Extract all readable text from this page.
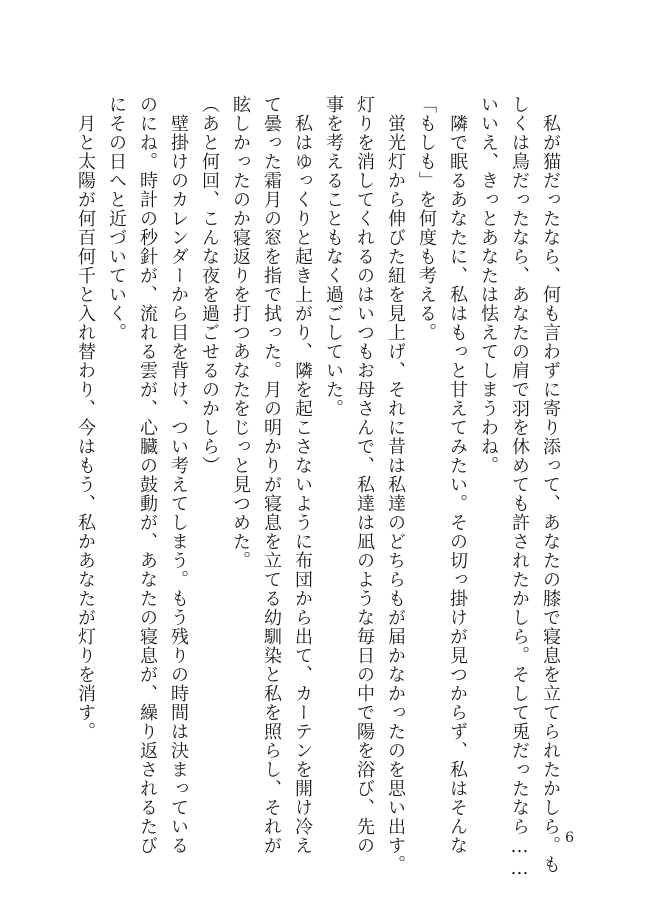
　私が猫だったなら、何も言わずに寄り添って、あなたの膝で寝息を立てられたかしら。も
しくは鳥だったなら、あなたの肩で羽を休めても許されたかしら。そして兎だったなら……
いいえ、きっとあなたは怯えてしまうわね。
　隣で眠るあなたに、私はもっと甘えてみたい。その切っ掛けが見つからず、私はそんな
「もしも」を何度も考える。
　蛍光灯から伸びた紐を見上げ、それに昔は私達のどちらもが届かなかったのを思い出す。
灯りを消してくれるのはいつもお母さんで、私達は凪のような毎日の中で陽を浴び、先の
事を考えることもなく過ごしていた。
　私はゆっくりと起き上がり、隣を起こさないように布団から出て、カーテンを開け冷え
て曇った霜月の窓を指で拭った。月の明かりが寝息を立てる幼馴染と私を照らし、それが
眩しかったのか寝返りを打つあなたをじっと見つめた。
（あと何回、こんな夜を過ごせるのかしら）
　壁掛けのカレンダーから目を背け、つい考えてしまう。もう残りの時間は決まっている
のにね。時計の秒針が、流れる雲が、心臓の鼓動が、あなたの寝息が、繰り返されるたび
にその日へと近づいていく。
　月と太陽が何百何千と入れ替わり、今はもう、私かあなたが灯りを消す。
6
